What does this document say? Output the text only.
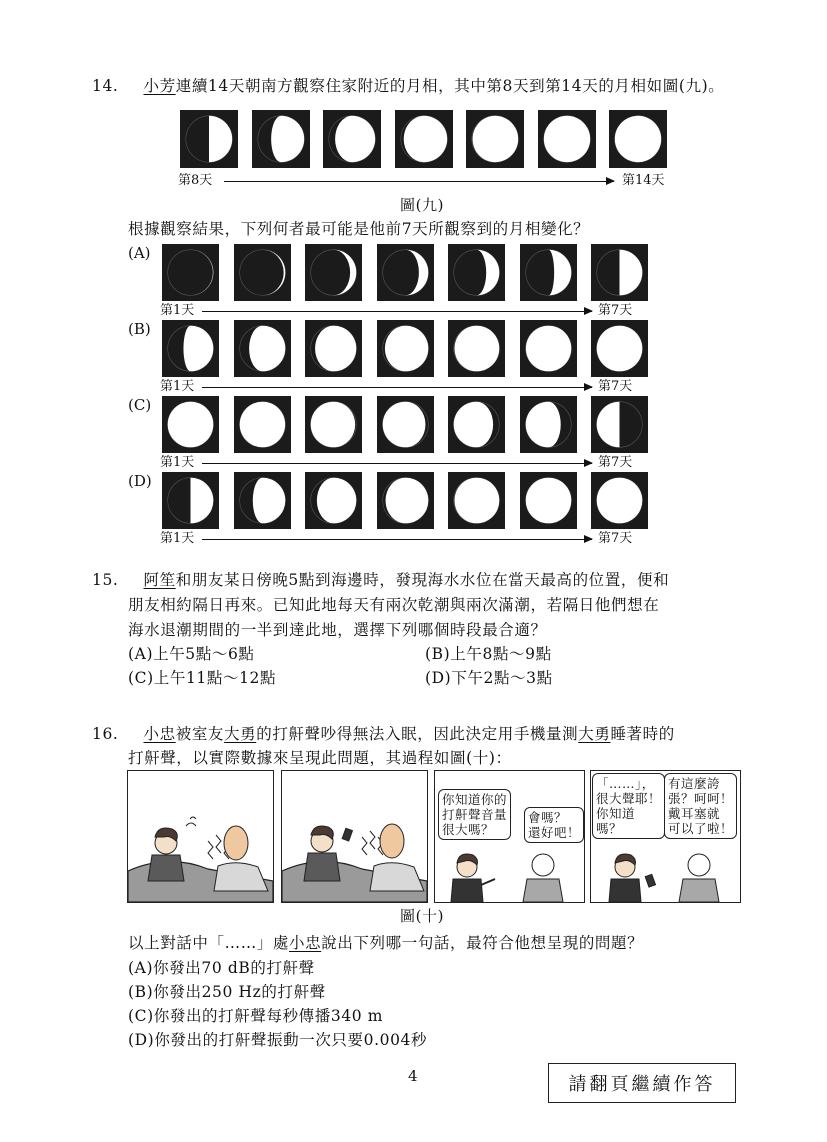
14. 小芳連續14天朝南方觀察住家附近的月相，其中第8天到第14天的月相如圖(九)。
第8天	第14天
圖(九)
根據觀察結果，下列何者最可能是他前7天所觀察到的月相變化？
15. 阿笙和朋友某日傍晚5點到海邊時，發現海水水位在當天最高的位置，便和
朋友相約隔日再來。已知此地每天有兩次乾潮與兩次滿潮，若隔日他們想在
海水退潮期間的一半到達此地，選擇下列哪個時段最合適？
(A)上午5點～6點	(B)上午8點～9點
(C)上午11點～12點	(D)下午2點～3點
16. 小忠被室友大勇的打鼾聲吵得無法入眠，因此決定用手機量測大勇睡著時的
打鼾聲，以實際數據來呈現此問題，其過程如圖(十)：
你知道你的
打鼾聲音量
很大嗎？
會嗎？
還好吧！
「……」，
很大聲耶！
你知道
嗎？
有這麼誇
張？呵呵！
戴耳塞就
可以了啦！
圖(十)
以上對話中「……」處小忠說出下列哪一句話，最符合他想呈現的問題？
(A)你發出70 dB的打鼾聲
(B)你發出250 Hz的打鼾聲
(C)你發出的打鼾聲每秒傳播340 m
(D)你發出的打鼾聲振動一次只要0.004秒
4	請翻頁繼續作答
(A)
第1天	第7天
(B)
第1天	第7天
(C)
第1天	第7天
(D)
第1天	第7天
